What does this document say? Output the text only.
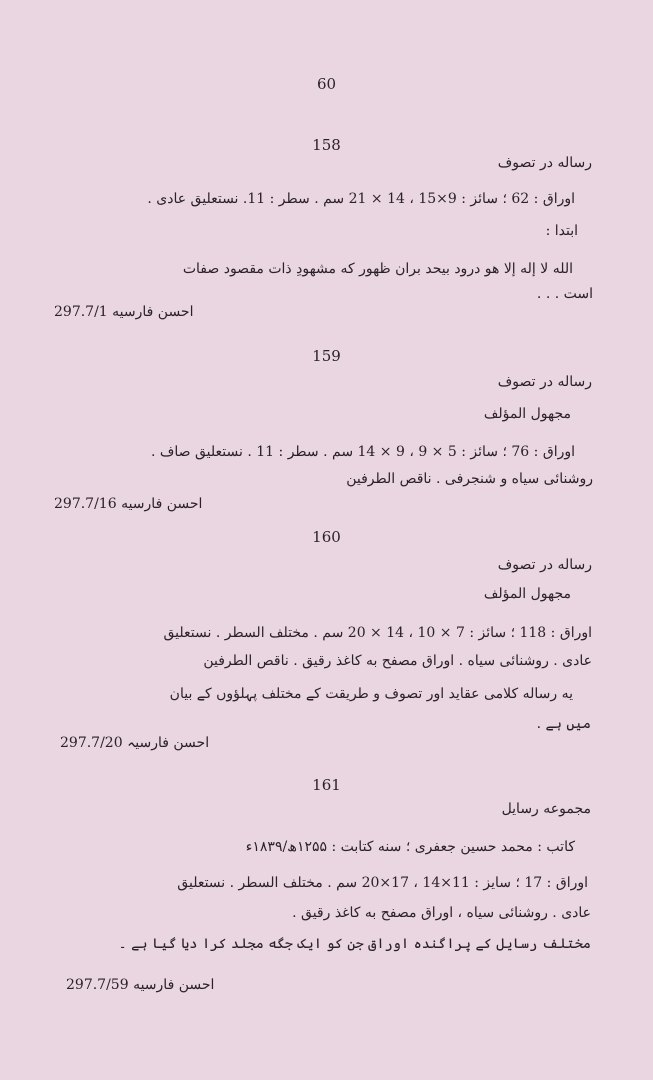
60
158
رساله در تصوف
اوراق : 62 ؛ سائز : 9×15 ، 14 × 21 سم . سطر : 11. نستعلیق عادی .
ابتدا :
الله لا إله إلا هو درود بیحد بران ظهور که مشهودِ ذات مقصود صفات
است . . .
احسن فارسیه 297.7/1
159
رساله در تصوف
مجهول المؤلف
اوراق : 76 ؛ سائز : 5 × 9 ، 9 × 14 سم . سطر : 11 . نستعلیق صاف .
روشنائی سیاه و شنجرفی . ناقص الطرفین
احسن فارسیه 297.7/16
160
رساله در تصوف
مجهول المؤلف
اوراق : 118 ؛ سائز : 7 × 10 ، 14 × 20 سم . مختلف السطر . نستعلیق
عادی . روشنائی سیاه . اوراق مصفح به کاغذ رقیق . ناقص الطرفین
یه رساله کلامی عقاید اور تصوف و طریقت کے مختلف پہلؤوں کے بیان
میں ہے .
احسن فارسیہ 297.7/20
161
مجموعه رسایل
کاتب : محمد حسین جعفری ؛ سنه کتابت : ۱۲۵۵ھ/۱۸۳۹ء
اوراق : 17 ؛ سایز : 11×14 ، 17×20 سم . مختلف السطر . نستعلیق
عادی . روشنائی سیاه ، اوراق مصفح به کاغذ رقیق .
مختلف رسایل کے پراگنده اوراق جن کو ایک جگه مجلد کرا دیا گیا ہے ۔
احسن فارسیه 297.7/59
